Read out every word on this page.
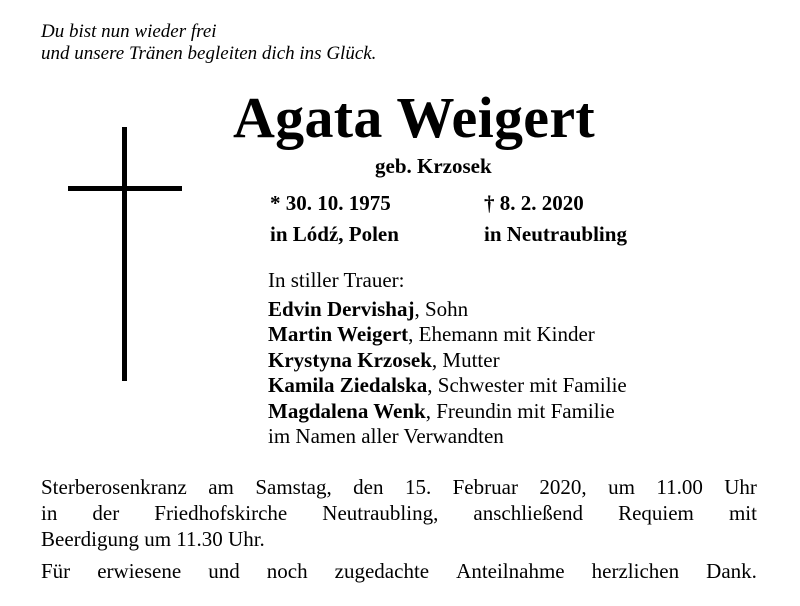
Du bist nun wieder frei
und unsere Tränen begleiten dich ins Glück.
Agata Weigert
geb. Krzosek
* 30. 10. 1975
in Lódź, Polen
† 8. 2. 2020
in Neutraubling
In stiller Trauer:
Edvin Dervishaj, Sohn
Martin Weigert, Ehemann mit Kinder
Krystyna Krzosek, Mutter
Kamila Ziedalska, Schwester mit Familie
Magdalena Wenk, Freundin mit Familie
im Namen aller Verwandten
Sterberosenkranz am Samstag, den 15. Februar 2020, um 11.00 Uhr
in der Friedhofskirche Neutraubling, anschließend Requiem mit
Beerdigung um 11.30 Uhr.
Für erwiesene und noch zugedachte Anteilnahme herzlichen Dank.
